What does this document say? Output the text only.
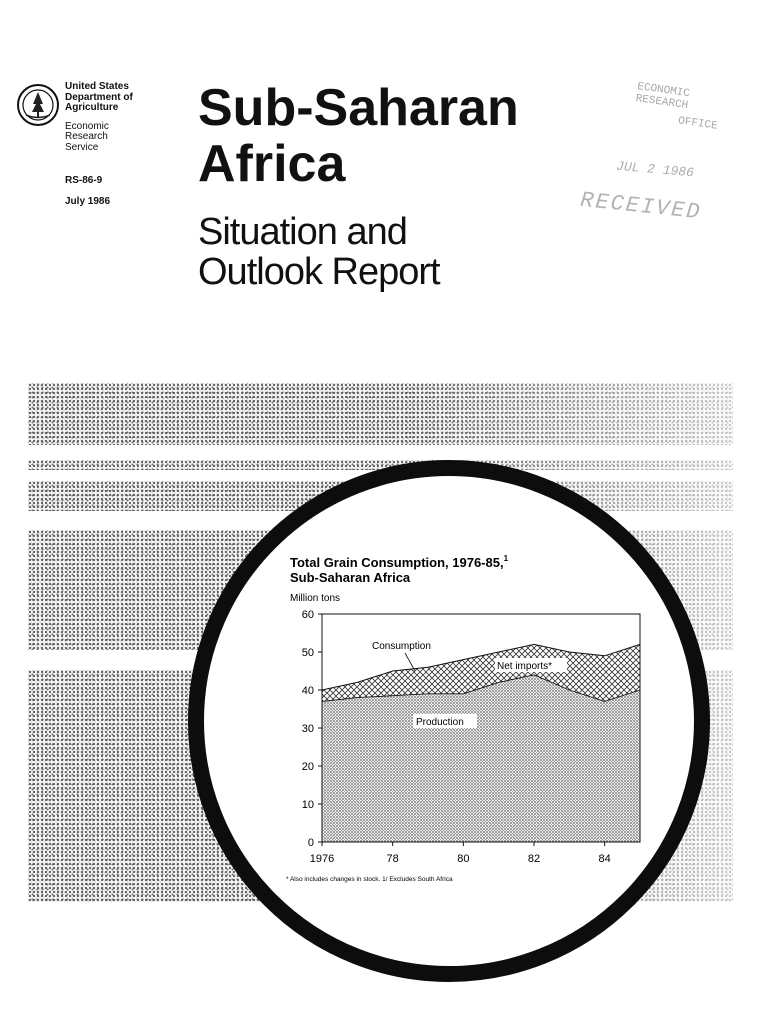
United States
Department of
Agriculture
Economic
Research
Service

RS-86-9

July 1986

Sub-Saharan
Africa
Situation and
Outlook Report
ECONOMIC RESEARCH
OFFICE
JUL 2 1986
RECEIVED
Total Grain Consumption, 1976-85,$^1$
Sub-Saharan Africa
Million tons
0
10
20
30
40
50
60
1976	78	80	82	84
Consumption
Net imports*
Production
* Also includes changes in stock. 1/ Excludes South Africa
